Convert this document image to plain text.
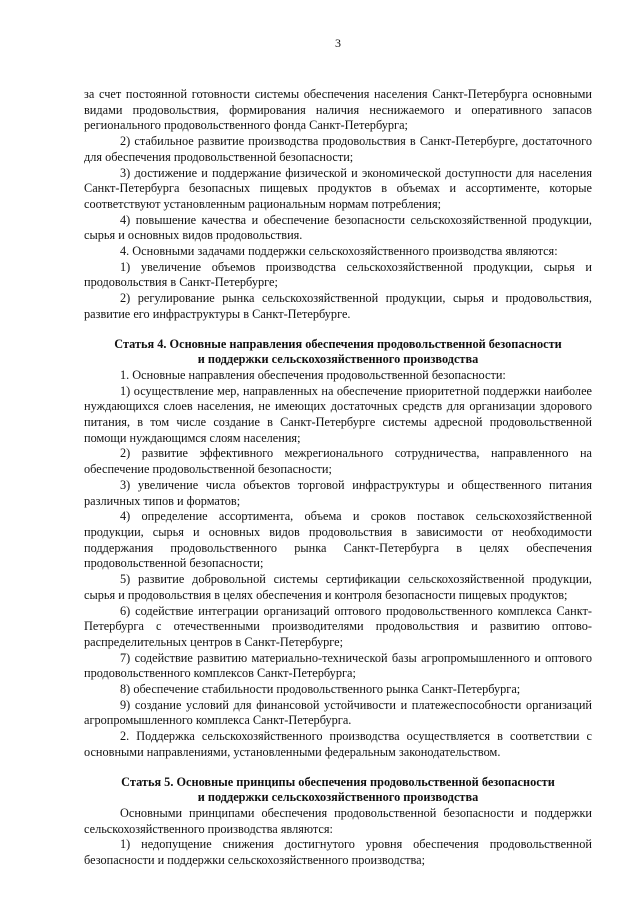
3

за счет постоянной готовности системы обеспечения населения Санкт-Петербурга основными видами продовольствия, формирования наличия неснижаемого и оперативного запасов регионального продовольственного фонда Санкт-Петербурга;

2) стабильное развитие производства продовольствия в Санкт-Петербурге, достаточного для обеспечения продовольственной безопасности;

3) достижение и поддержание физической и экономической доступности для населения Санкт-Петербурга безопасных пищевых продуктов в объемах и ассортименте, которые соответствуют установленным рациональным нормам потребления;

4) повышение качества и обеспечение безопасности сельскохозяйственной продукции, сырья и основных видов продовольствия.

4. Основными задачами поддержки сельскохозяйственного производства являются:

1) увеличение объемов производства сельскохозяйственной продукции, сырья и продовольствия в Санкт-Петербурге;

2) регулирование рынка сельскохозяйственной продукции, сырья и продовольствия, развитие его инфраструктуры в Санкт-Петербурге.

Статья 4. Основные направления обеспечения продовольственной безопасности
и поддержки сельскохозяйственного производства

1. Основные направления обеспечения продовольственной безопасности:

1) осуществление мер, направленных на обеспечение приоритетной поддержки наиболее нуждающихся слоев населения, не имеющих достаточных средств для организации здорового питания, в том числе создание в Санкт-Петербурге системы адресной продовольственной помощи нуждающимся слоям населения;

2) развитие эффективного межрегионального сотрудничества, направленного на обеспечение продовольственной безопасности;

3) увеличение числа объектов торговой инфраструктуры и общественного питания различных типов и форматов;

4) определение ассортимента, объема и сроков поставок сельскохозяйственной продукции, сырья и основных видов продовольствия в зависимости от необходимости поддержания продовольственного рынка Санкт-Петербурга в целях обеспечения продовольственной безопасности;

5) развитие добровольной системы сертификации сельскохозяйственной продукции, сырья и продовольствия в целях обеспечения и контроля безопасности пищевых продуктов;

6) содействие интеграции организаций оптового продовольственного комплекса Санкт-Петербурга с отечественными производителями продовольствия и развитию оптово-распределительных центров в Санкт-Петербурге;

7) содействие развитию материально-технической базы агропромышленного и оптового продовольственного комплексов Санкт-Петербурга;

8) обеспечение стабильности продовольственного рынка Санкт-Петербурга;

9) создание условий для финансовой устойчивости и платежеспособности организаций агропромышленного комплекса Санкт-Петербурга.

2. Поддержка сельскохозяйственного производства осуществляется в соответствии с основными направлениями, установленными федеральным законодательством.

Статья 5. Основные принципы обеспечения продовольственной безопасности
и поддержки сельскохозяйственного производства

Основными принципами обеспечения продовольственной безопасности и поддержки сельскохозяйственного производства являются:

1) недопущение снижения достигнутого уровня обеспечения продовольственной безопасности и поддержки сельскохозяйственного производства;
